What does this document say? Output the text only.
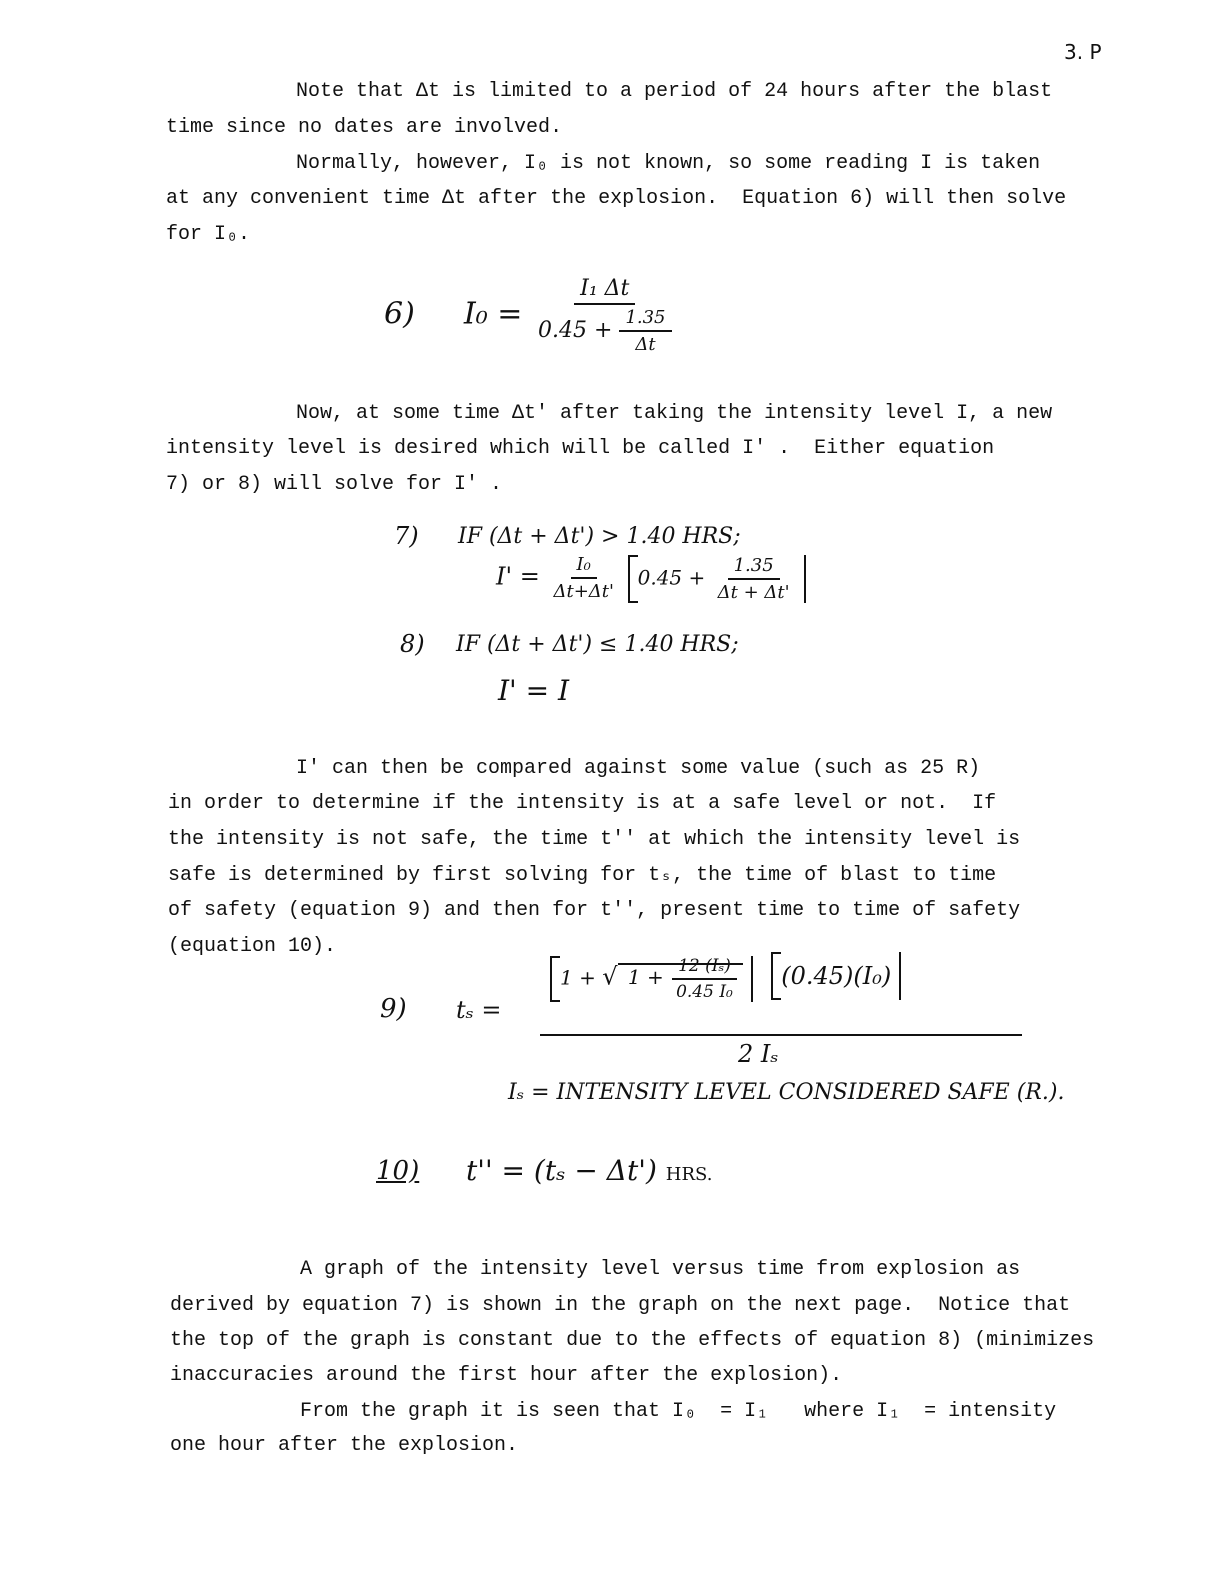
3. P
Note that Δt is limited to a period of 24 hours after the blast
time since no dates are involved.
Normally, however, I₀ is not known, so some reading I is taken
at any convenient time Δt after the explosion.  Equation 6) will then solve
for I₀.
6) $I_0 = \frac{\text{I₁ Δt}}{0.45 + \frac{1.35}{\Delta t}}$
Now, at some time Δt' after taking the intensity level I, a new
intensity level is desired which will be called I' .  Either equation
7) or 8) will solve for I' .
7) IF (Δt + Δt') > 1.40 HRS;
$I' = \frac{\text{I₀}}{\Delta t+\Delta t'} 0.45 + \frac{1.35}{\Delta t + \Delta t'}$
8) IF (Δt + Δt') ≤ 1.40 HRS;
I' = I
I' can then be compared against some value (such as 25 R)
in order to determine if the intensity is at a safe level or not.  If
the intensity is not safe, the time t'' at which the intensity level is
safe is determined by first solving for tₛ, the time of blast to time
of safety (equation 9) and then for t'', present time to time of safety
(equation 10).
9) tₛ =
1 + √ $1 + \frac{\text{12 (Iₛ)}}{\text{0.45 I₀}} (0.45)(I_0)$
2 Iₛ
Iₛ = INTENSITY LEVEL CONSIDERED SAFE (R.).
10) t'' = (tₛ − Δt') HRS.
A graph of the intensity level versus time from explosion as
derived by equation 7) is shown in the graph on the next page.  Notice that
the top of the graph is constant due to the effects of equation 8) (minimizes
inaccuracies around the first hour after the explosion).
From the graph it is seen that I₀  = I₁   where I₁  = intensity
one hour after the explosion.
